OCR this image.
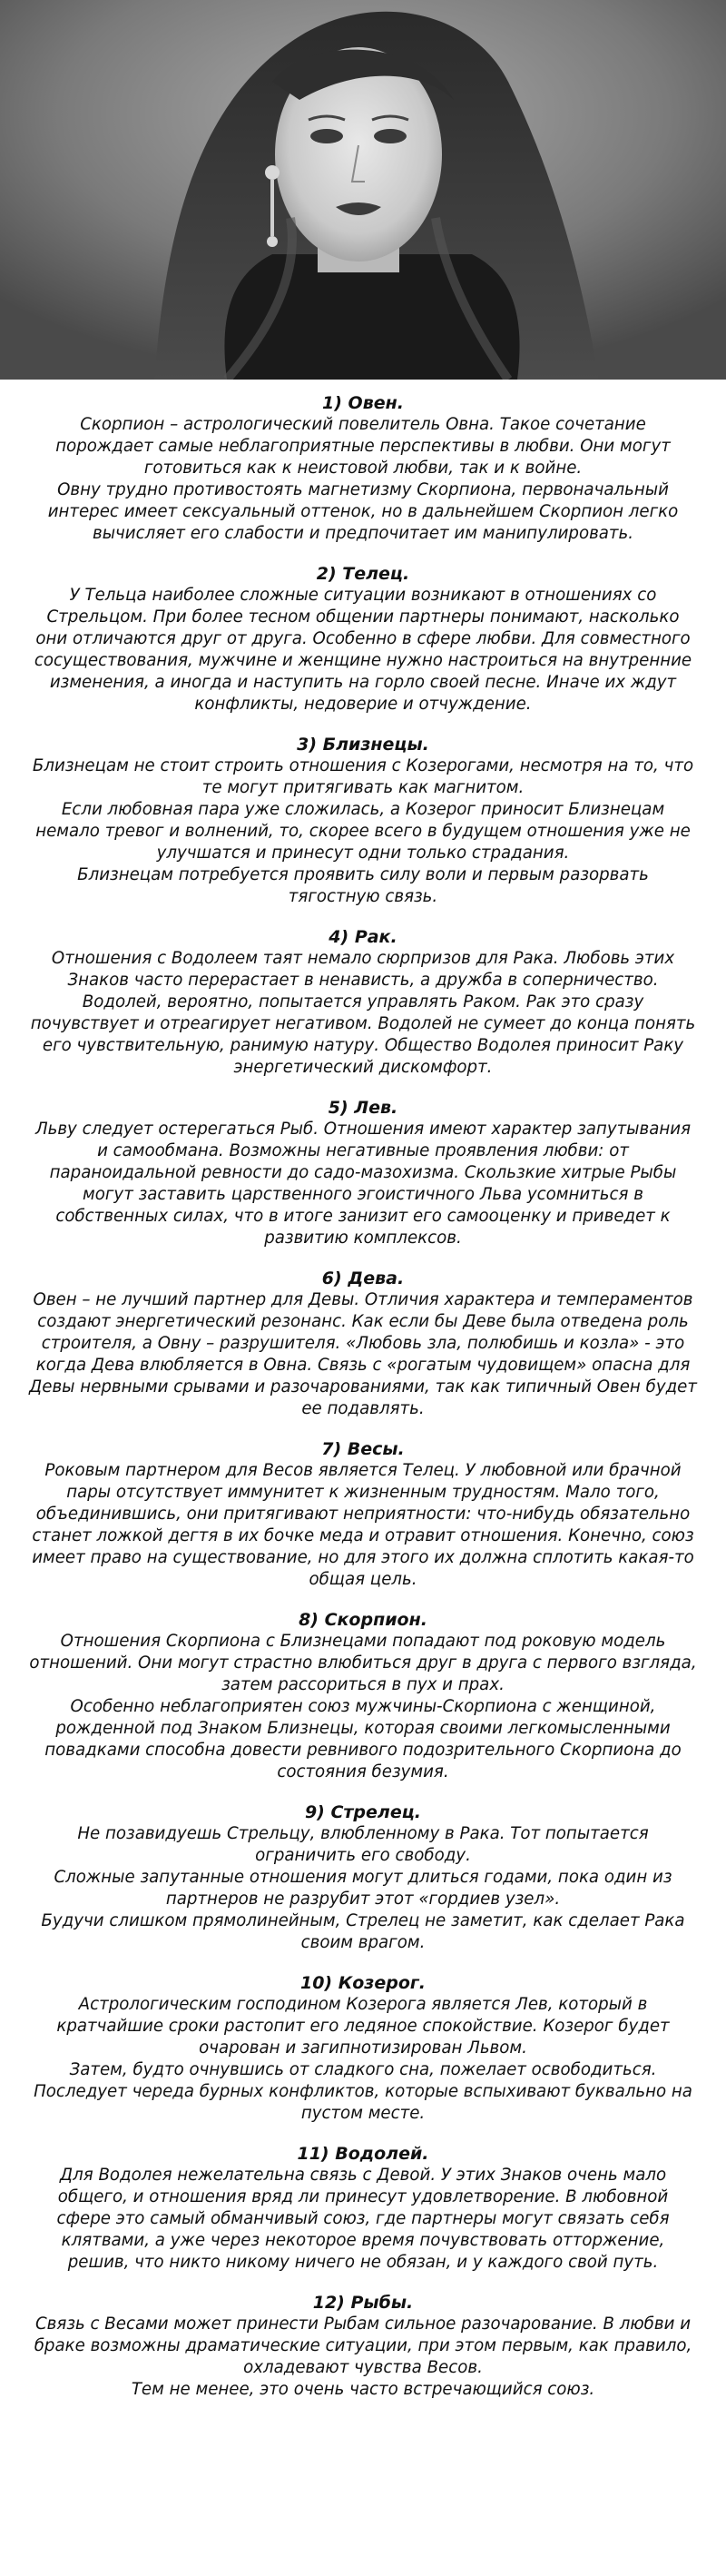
1) Овен.

Скорпион – астрологический повелитель Овна. Такое сочетание порождает самые неблагоприятные перспективы в любви. Они могут готовиться как к неистовой любви, так и к войне.
Овну трудно противостоять магнетизму Скорпиона, первоначальный интерес имеет сексуальный оттенок, но в дальнейшем Скорпион легко вычисляет его слабости и предпочитает им манипулировать.

2) Телец.

У Тельца наиболее сложные ситуации возникают в отношениях со Стрельцом. При более тесном общении партнеры понимают, насколько они отличаются друг от друга. Особенно в сфере любви. Для совместного сосуществования, мужчине и женщине нужно настроиться на внутренние изменения, а иногда и наступить на горло своей песне. Иначе их ждут конфликты, недоверие и отчуждение.

3) Близнецы.

Близнецам не стоит строить отношения с Козерогами, несмотря на то, что те могут притягивать как магнитом.
Если любовная пара уже сложилась, а Козерог приносит Близнецам немало тревог и волнений, то, скорее всего в будущем отношения уже не улучшатся и принесут одни только страдания.
Близнецам потребуется проявить силу воли и первым разорвать тягостную связь.

4) Рак.

Отношения с Водолеем таят немало сюрпризов для Рака. Любовь этих Знаков часто перерастает в ненависть, а дружба в соперничество. Водолей, вероятно, попытается управлять Раком. Рак это сразу почувствует и отреагирует негативом. Водолей не сумеет до конца понять его чувствительную, ранимую натуру. Общество Водолея приносит Раку энергетический дискомфорт.

5) Лев.

Льву следует остерегаться Рыб. Отношения имеют характер запутывания и самообмана. Возможны негативные проявления любви: от параноидальной ревности до садо-мазохизма. Скользкие хитрые Рыбы могут заставить царственного эгоистичного Льва усомниться в собственных силах, что в итоге занизит его самооценку и приведет к развитию комплексов.

6) Дева.

Овен – не лучший партнер для Девы. Отличия характера и темпераментов создают энергетический резонанс. Как если бы Деве была отведена роль строителя, а Овну – разрушителя. «Любовь зла, полюбишь и козла» - это когда Дева влюбляется в Овна. Связь с «рогатым чудовищем» опасна для Девы нервными срывами и разочарованиями, так как типичный Овен будет ее подавлять.

7) Весы.

Роковым партнером для Весов является Телец. У любовной или брачной пары отсутствует иммунитет к жизненным трудностям. Мало того, объединившись, они притягивают неприятности: что-нибудь обязательно станет ложкой дегтя в их бочке меда и отравит отношения. Конечно, союз имеет право на существование, но для этого их должна сплотить какая-то общая цель.

8) Скорпион.

Отношения Скорпиона с Близнецами попадают под роковую модель отношений. Они могут страстно влюбиться друг в друга с первого взгляда, затем рассориться в пух и прах.
Особенно неблагоприятен союз мужчины-Скорпиона с женщиной, рожденной под Знаком Близнецы, которая своими легкомысленными повадками способна довести ревнивого подозрительного Скорпиона до состояния безумия.

9) Стрелец.

Не позавидуешь Стрельцу, влюбленному в Рака. Тот попытается ограничить его свободу.
Сложные запутанные отношения могут длиться годами, пока один из партнеров не разрубит этот «гордиев узел».
Будучи слишком прямолинейным, Стрелец не заметит, как сделает Рака своим врагом.

10) Козерог.

Астрологическим господином Козерога является Лев, который в кратчайшие сроки растопит его ледяное спокойствие. Козерог будет очарован и загипнотизирован Львом.
Затем, будто очнувшись от сладкого сна, пожелает освободиться. Последует череда бурных конфликтов, которые вспыхивают буквально на пустом месте.

11) Водолей.

Для Водолея нежелательна связь с Девой. У этих Знаков очень мало общего, и отношения вряд ли принесут удовлетворение. В любовной сфере это самый обманчивый союз, где партнеры могут связать себя клятвами, а уже через некоторое время почувствовать отторжение, решив, что никто никому ничего не обязан, и у каждого свой путь.

12) Рыбы.

Связь с Весами может принести Рыбам сильное разочарование. В любви и браке возможны драматические ситуации, при этом первым, как правило, охладевают чувства Весов.
Тем не менее, это очень часто встречающийся союз.
